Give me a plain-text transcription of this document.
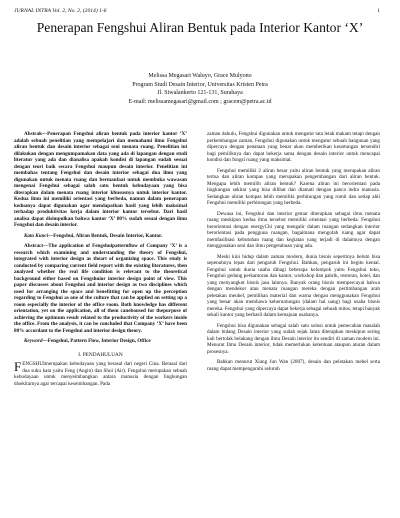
JURNAL INTRA Vol. 2, No. 2, (2014) 1-6	1
Penerapan Fengshui Aliran Bentuk pada Interior Kantor ‘X’
Melissa Megasari Waluyo, Grace Mulyono
Program Studi Desain Interior, Universitas Kristen Petra
Jl. Siwalankerto 121-131, Surabaya
E-mail: melissamegasari@gmail.com ; gracem@petra.ac.id

Abstrak—Penerapan Fengshui aliran bentuk pada interior kantor ‘X’ adalah sebuah penelitian yang mempelajari dan memahami ilmu Fengshui aliran bentuk dan desain interior sebagai seni menata ruang. Penelitian ini dilakukan dengan mengumpamakan data yang ada di lapangan dengan studi literatur yang ada dan dianalisa apakah kondisi di lapangan sudah sesuai dengan teori baik secara Fengshui maupun desain interior. Penelitian ini membahas tentang Fengshui dan desain interior sebagai dua ilmu yang digunakan untuk menata ruang dan bermanfaat untuk membuka wawasan mengenai Fengshui sebagai salah satu bentuk kebudayaan yang bisa diterapkan dalam menata ruang interior khususnya untuk interior kantor. Kedua ilmu ini memiliki orientasi yang berbeda, namun dalam penerapan keduanya dapat digunakan agar mendapatkan hasil yang lebih maksimal terhadap produktivitas kerja dalam interior kantor tersebut. Dari hasil analisa dapat disimpulkan bahwa kantor ‘X’ 80% sudah sesuai dengan ilmu Fengshui dan desain interior.

Kata Kunci—Fengshui, Aliran Bentuk, Desain Interior, Kantor.

Abstract—The application of Fengshuipatternflow of Company ‘X’ is a research which examining and understanding the theory of Fengshui, integrated with interior design as theart of organizing space. This study is conducted by comparing current field report with the existing literatures, then analyzed whether the real life condition is relevant to the theoretical background either based on Fengshuior interior design point of view. This paper discusses about Fengshui and interior design as two disciplines which used for arranging the space and benefitting for open up the perception regarding to Fengshui as one of the culture that can be applied on setting up a room especially the interior of the office room. Both knowledge has different orientation, yet on the application, all of them caneboused for thepurpose of achieving the optimum result related to the productivity of the workers inside the office. From the analysis, it can be concluded that Company ‘X’ have been 80% accordant to the Fengshui and interior design theory.

Keyword—Fengshui, Pattern Flow, Interior Design, Office

I. PENDAHULUAN

F ENGSHUImerupakan kebudayaan yang berasal dari negeri Cina. Berasal dari dua suku kata yaitu Feng (Angin) dan Shui (Air). Fengshui merupakan sebuah kebudayaan untuk menyeimbangkan antara manusia dengan lingkungan disekitarnya agar tercapai keseimbangan. Pada

zaman dahulu, Fengshui digunakan untuk mengatur tata letak makam tetapi dengan perkembangan zaman, Fengshui digunakan untuk mengatur sebuah bangunan yang dipercaya dengan penataan yang benar akan memberikan keuntungan tersendiri bagi pemiliknya dan dapat bekerja sama dengan desain interior untuk mencapai kondisi dan fungsi ruang yang maksimal.

Fengshui memiliki 2 aliran besar yaitu aliran bentuk yang merupakan aliran tertua dan aliran kompas yang merupakan pengembangan dari aliran bentuk. Mengapa lebih memilih aliran bentuk? Karena aliran ini berorientasi pada lingkungan sekitar yang bisa dilihat dan diamati dengan panca indra manusia. Sedangkan aliran kompas lebih memiliki perhitungan yang rumit dan setiap ahli Fengshui memiliki perhitungan yang berbeda.

Dewasa ini, Fengshui dan interior gemar diterapkan sebagai ilmu menata ruang meskipun kedua ilmu tersebut memiliki orientasi yang berbeda. Fengshui berorientasi dengan energyChi yang mengalir dalam ruangan sedangkan interior berorientasi pada pengguna ruangan, bagaimana mengolah ruang agar dapat memfasilitasi kebutuhan ruang dan kegiatan yang terjadi di dalamnya dengan menggunakan seni dan ilmu pengetahuan yang ada.

Meski kini hidup dalam zaman modern, dunia bisnis sepertinya belum bisa sepenuhnya lepas dari pengaruh Fengshui. Bahkan, pengaruh ini begitu kental. Fengshui untuk dunia usaha dibagi beberapa kelompok yaitu Fengshui toko, Fengshui gedung perkantoran dan kantor, workshop dan pabrik, restoran, hotel, dan yang menyangkut bisnis jasa lainnya. Banyak orang bisnis mempercayai bahwa dengan mendekor atau menata ruangan mereka dengan pertimbangan arah peletakan meubel, pemilihan material dan warna dengan menggunakan Fengshui yang benar akan membawa keberuntungan (dalam hal uang) bagi usaha bisnis mereka. Fengshui yang dipercaya dapat bekerja sebagai sebuah mitos, tetapi banyak sekali kantor yang berhasil dalam kemajuan usahanya.

Fengshui bisa digunakan sebagai salah satu solusi untuk pemecahan masalah dalam bidang Desain interior yang sudah sejak lama diterapkan meskipun sering kali bertolak belakang dengan ilmu Desain interior itu sendiri di zaman modern ini. Menurut Ilmu Desain interior, tidak memerlukan ketentuan ataupun aturan dalam prosesnya.

Bahkan menurut Xiang Jun Wan (2007), desain dan peletakan mebel serta ruang dapat mempengaruhi seluruh
